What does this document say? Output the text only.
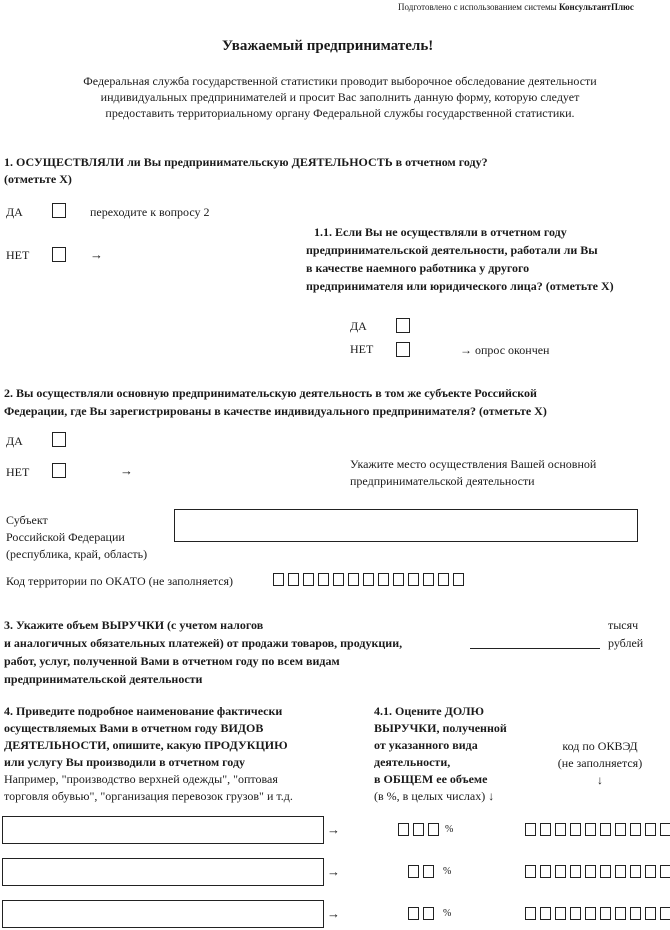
Подготовлено с использованием системы КонсультантПлюс
Уважаемый предприниматель!
Федеральная служба государственной статистики проводит выборочное обследование деятельности
индивидуальных предпринимателей и просит Вас заполнить данную форму, которую следует
предоставить территориальному органу Федеральной службы государственной статистики.
1. ОСУЩЕСТВЛЯЛИ ли Вы предпринимательскую ДЕЯТЕЛЬНОСТЬ в отчетном году?
(отметьте Х)
ДА	переходите к вопросу 2
НЕТ	→
1.1. Если Вы не осуществляли в отчетном году
предпринимательской деятельности, работали ли Вы
в качестве наемного работника у другого
предпринимателя или юридического лица? (отметьте Х)
ДА
НЕТ	→ опрос окончен
2. Вы осуществляли основную предпринимательскую деятельность в том же субъекте Российской
Федерации, где Вы зарегистрированы в качестве индивидуального предпринимателя? (отметьте Х)
ДА
НЕТ	→	Укажите место осуществления Вашей основной
предпринимательской деятельности
Субъект
Российской Федерации
(республика, край, область)
Код территории по ОКАТО (не заполняется)
3. Укажите объем ВЫРУЧКИ (с учетом налогов
и аналогичных обязательных платежей) от продажи товаров, продукции,
работ, услуг, полученной Вами в отчетном году по всем видам
предпринимательской деятельности
тысяч
рублей
4. Приведите подробное наименование фактически
осуществляемых Вами в отчетном году ВИДОВ
ДЕЯТЕЛЬНОСТИ, опишите, какую ПРОДУКЦИЮ
или услугу Вы производили в отчетном году
Например, "производство верхней одежды", "оптовая
торговля обувью", "организация перевозок грузов" и т.д.
4.1. Оцените ДОЛЮ
ВЫРУЧКИ, полученной
от указанного вида
деятельности,
в ОБЩЕМ ее объеме
(в %, в целых числах) ↓
код по ОКВЭД
(не заполняется)
↓
→	%
→	%
→	%
